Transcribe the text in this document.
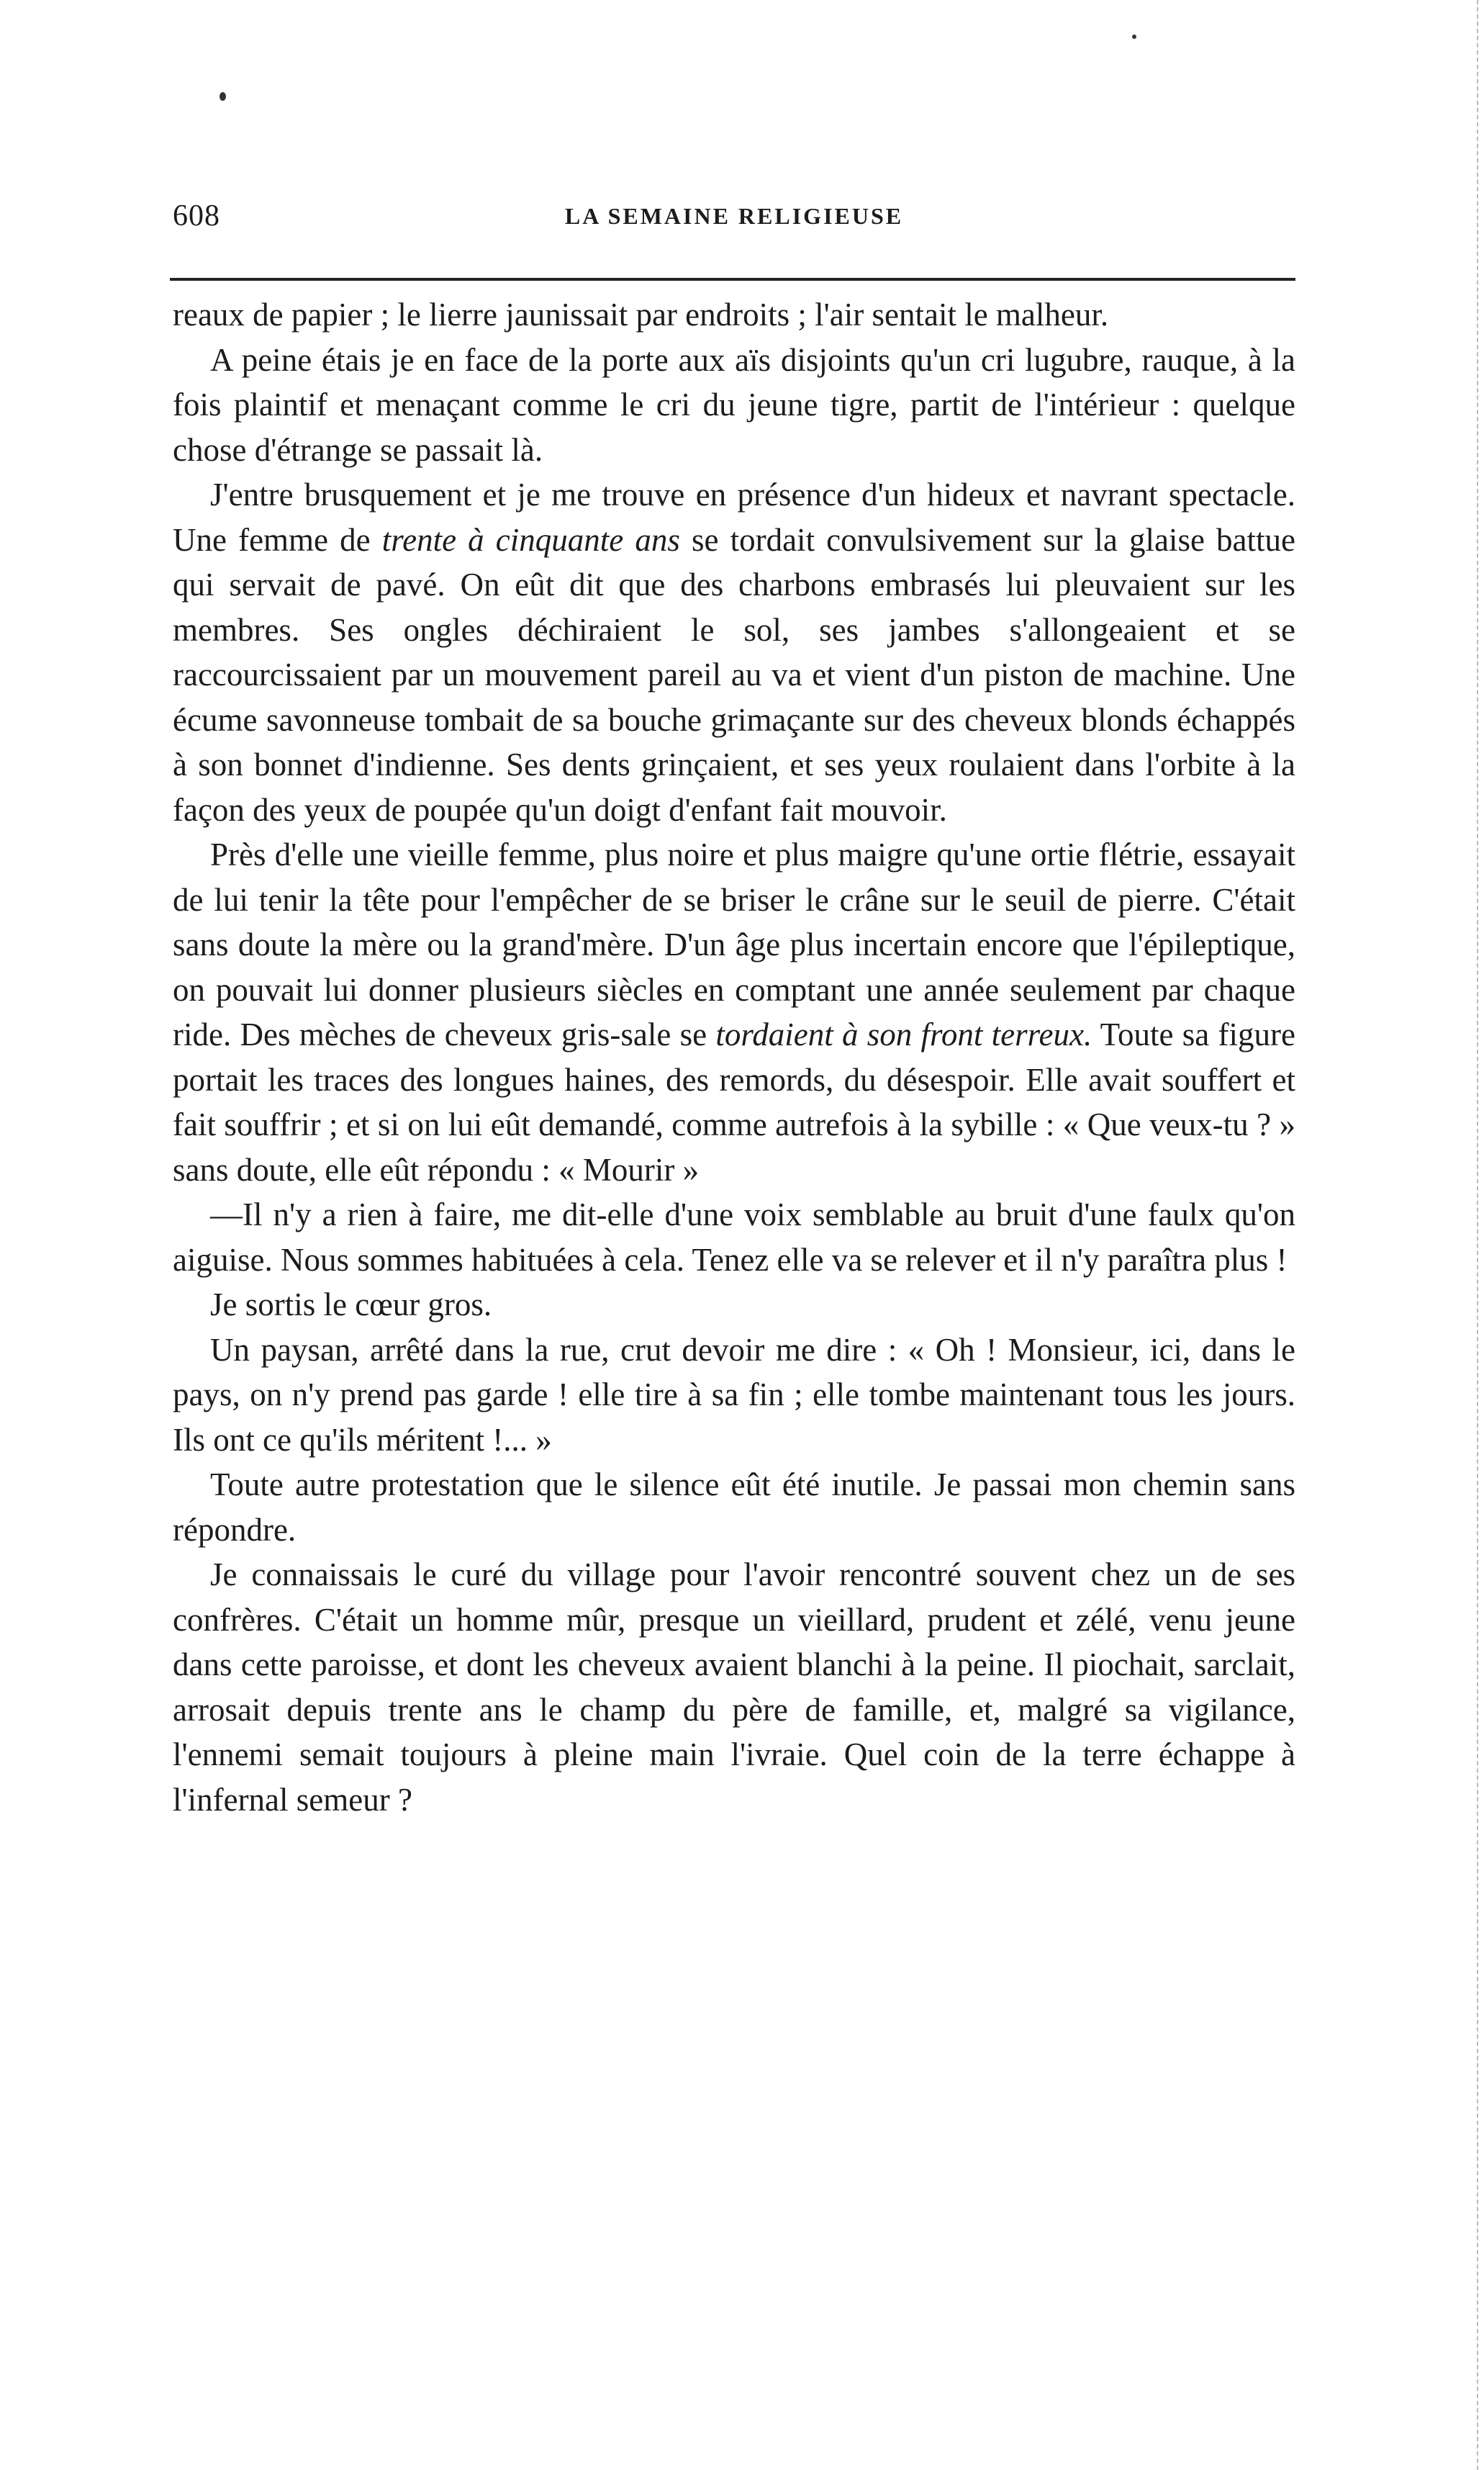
608	LA SEMAINE RELIGIEUSE

reaux de papier ; le lierre jaunissait par endroits ; l'air sentait le malheur.

A peine étais je en face de la porte aux aïs disjoints qu'un cri lugubre, rauque, à la fois plaintif et menaçant comme le cri du jeune tigre, partit de l'intérieur : quelque chose d'étrange se passait là.

J'entre brusquement et je me trouve en présence d'un hideux et navrant spectacle. Une femme de trente à cinquante ans se tordait convulsivement sur la glaise battue qui servait de pavé. On eût dit que des charbons embrasés lui pleuvaient sur les membres. Ses ongles déchiraient le sol, ses jambes s'allongeaient et se raccourcissaient par un mouvement pareil au va et vient d'un piston de machine. Une écume savonneuse tombait de sa bouche grimaçante sur des cheveux blonds échappés à son bonnet d'indienne. Ses dents grinçaient, et ses yeux roulaient dans l'orbite à la façon des yeux de poupée qu'un doigt d'enfant fait mouvoir.

Près d'elle une vieille femme, plus noire et plus maigre qu'une ortie flétrie, essayait de lui tenir la tête pour l'empêcher de se briser le crâne sur le seuil de pierre. C'était sans doute la mère ou la grand'mère. D'un âge plus incertain encore que l'épileptique, on pouvait lui donner plusieurs siècles en comptant une année seulement par chaque ride. Des mèches de cheveux gris-sale se tordaient à son front terreux. Toute sa figure portait les traces des longues haines, des remords, du désespoir. Elle avait souffert et fait souffrir ; et si on lui eût demandé, comme autrefois à la sybille : « Que veux-tu ? » sans doute, elle eût répondu : « Mourir »

—Il n'y a rien à faire, me dit-elle d'une voix semblable au bruit d'une faulx qu'on aiguise. Nous sommes habituées à cela. Tenez elle va se relever et il n'y paraîtra plus !

Je sortis le cœur gros.

Un paysan, arrêté dans la rue, crut devoir me dire : « Oh ! Monsieur, ici, dans le pays, on n'y prend pas garde ! elle tire à sa fin ; elle tombe maintenant tous les jours. Ils ont ce qu'ils méritent !... »

Toute autre protestation que le silence eût été inutile. Je passai mon chemin sans répondre.

Je connaissais le curé du village pour l'avoir rencontré souvent chez un de ses confrères. C'était un homme mûr, presque un vieillard, prudent et zélé, venu jeune dans cette paroisse, et dont les cheveux avaient blanchi à la peine. Il piochait, sarclait, arrosait depuis trente ans le champ du père de famille, et, malgré sa vigilance, l'ennemi semait toujours à pleine main l'ivraie. Quel coin de la terre échappe à l'infernal semeur ?
